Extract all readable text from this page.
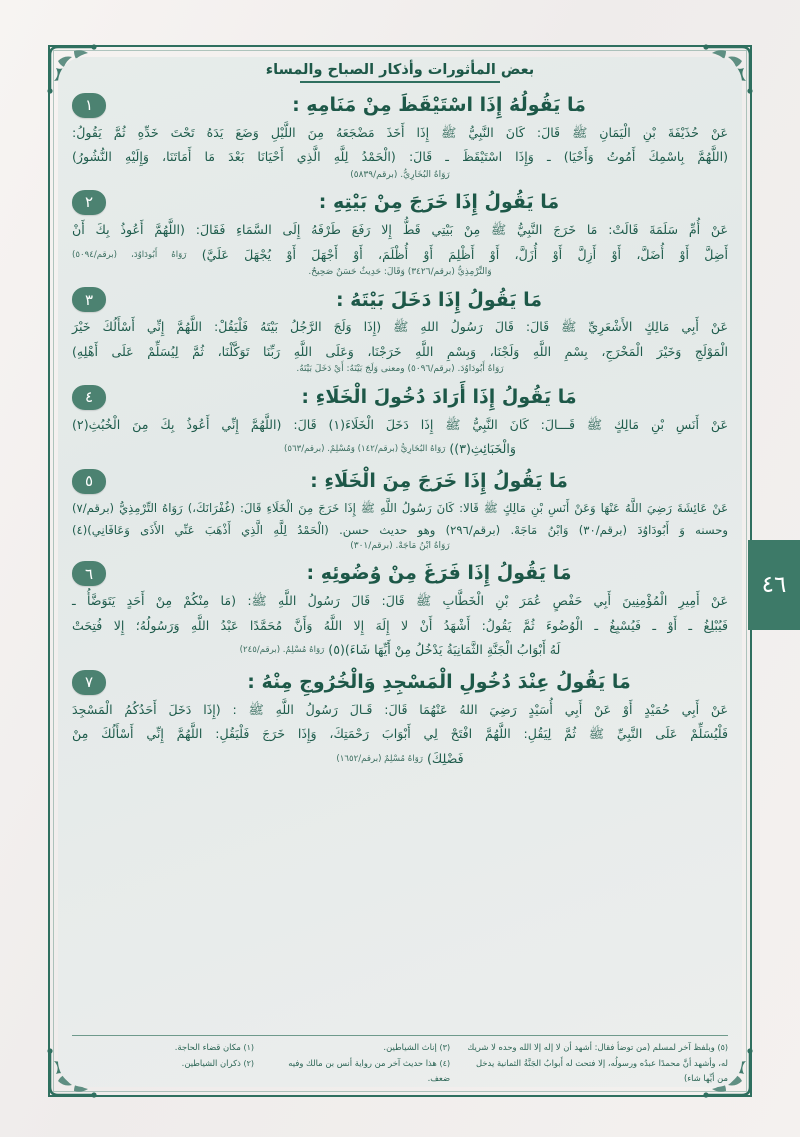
٤٦
بعض المأثورات وأذكار الصباح والمساء
١	مَا يَقُولُهُ إِذَا اسْتَيْقَظَ مِنْ مَنَامِهِ :
عَنْ حُذَيْفَةَ بْنِ الْيَمَانِ ﷺ قَالَ: كَانَ النَّبِيُّ ﷺ إِذَا أَخَذَ مَضْجَعَهُ مِنَ اللَّيْلِ وَضَعَ يَدَهُ تَحْتَ خَدِّهِ ثُمَّ يَقُولُ:
(اللَّهُمَّ بِاسْمِكَ أَمُوتُ وَأَحْيَا) ـ وَإِذَا اسْتَيْقَظَ ـ قَالَ: (الْحَمْدُ لِلَّهِ الَّذِي أَحْيَانَا بَعْدَ مَا أَمَاتَنَا، وَإِلَيْهِ النُّشُورُ)
رَوَاهُ البُخَارِيُّ. (برقم/٥٨٣٩)
٢	مَا يَقُولُ إِذَا خَرَجَ مِنْ بَيْتِهِ :
عَنْ أُمِّ سَلَمَةَ قَالَتْ: مَا خَرَجَ النَّبِيُّ ﷺ مِنْ بَيْتِي قَطُّ إِلا رَفَعَ طَرْفَهُ إِلَى السَّمَاءِ فَقَالَ: (اللَّهُمَّ أَعُوذُ بِكَ أَنْ
أَضِلَّ أَوْ أُضَلَّ، أَوْ أَزِلَّ أَوْ أُزَلَّ، أَوْ أَظْلِمَ أَوْ أُظْلَمَ، أَوْ أَجْهَلَ أَوْ يُجْهَلَ عَلَيَّ) رَوَاهُ أَبُودَاوُدَ، (برقم/٥٠٩٤)
وَالتِّرْمِذِيُّ (برقم/٣٤٢٦) وَقَالَ: حَدِيثٌ حَسَنٌ صَحِيحٌ.
٣	مَا يَقُولُ إِذَا دَخَلَ بَيْتَهُ :
عَنْ أَبِي مَالِكٍ الأَشْعَرِيِّ ﷺ قَالَ: قَالَ رَسُولُ اللهِ ﷺ (إِذَا وَلَجَ الرَّجُلُ بَيْتَهُ فَلْيَقُلْ: اللَّهُمَّ إِنِّي أَسْأَلُكَ خَيْرَ
الْمَوْلَجِ وَخَيْرَ الْمَخْرَجِ، بِسْمِ اللَّهِ وَلَجْنَا، وَبِسْمِ اللَّهِ خَرَجْنَا، وَعَلَى اللَّهِ رَبِّنَا تَوَكَّلْنَا، ثُمَّ لِيُسَلِّمْ عَلَى أَهْلِهِ)
رَوَاهُ أَبُودَاوُدَ. (برقم/٥٠٩٦) ومعنى وَلَجَ بَيْتَهُ: أَيْ دَخَلَ بَيْتَهُ.
٤	مَا يَقُولُ إِذَا أَرَادَ دُخُولَ الْخَلَاءِ :
عَنْ أَنَسِ بْنِ مَالِكٍ ﷺ قَـــالَ: كَانَ النَّبِيُّ ﷺ إِذَا دَخَلَ الْخَلَاءَ(١) قَالَ: (اللَّهُمَّ إِنِّي أَعُوذُ بِكَ مِنَ الْخُبُثِ(٢)
وَالْخَبَائِثِ(٣)) رَوَاهُ البُخَارِيُّ (برقم/١٤٢) وَمُسْلِمٌ. (برقم/٥٦٣)
٥	مَا يَقُولُ إِذَا خَرَجَ مِنَ الْخَلَاءِ :
عَنْ عَائِشَةَ رَضِيَ اللَّهُ عَنْهَا وَعَنْ أَنَسِ بْنِ مَالِكٍ ﷺ قَالا: كَانَ رَسُولُ اللَّهِ ﷺ إِذَا خَرَجَ مِنَ الْخَلَاءِ قَالَ: (غُفْرَانَكَ،) رَوَاهُ التِّرْمِذِيُّ (برقم/٧)
وحسنه وَ أَبُودَاوُدَ (برقم/٣٠) وَابْنُ مَاجَهْ. (برقم/٢٩٦) وهو حديث حسن. (الْحَمْدُ لِلَّهِ الَّذِي أَذْهَبَ عَنِّي الأَذَى وَعَافَانِي)(٤)
رَوَاهُ ابْنُ مَاجَهْ. (برقم/٣٠١)
٦	مَا يَقُولُ إِذَا فَرَغَ مِنْ وُضُوئِهِ :
عَنْ أَمِيرِ الْمُؤْمِنِينَ أَبِي حَفْصٍ عُمَرَ بْنِ الْخَطَّابِ ﷺ قَالَ: قَالَ رَسُولُ اللَّهِ ﷺ: (مَا مِنْكُمْ مِنْ أَحَدٍ يَتَوَضَّأُ ـ
فَيُبْلِغُ ـ أَوْ ـ فَيُسْبِغُ ـ الْوُضُوءَ ثُمَّ يَقُولُ: أَشْهَدُ أَنْ لا إِلَهَ إِلا اللَّهُ وَأَنَّ مُحَمَّدًا عَبْدُ اللَّهِ وَرَسُولُهُ؛ إِلا فُتِحَتْ
لَهُ أَبْوَابُ الْجَنَّةِ الثَّمَانِيَةُ يَدْخُلُ مِنْ أَيِّهَا شَاءَ)(٥) رَوَاهُ مُسْلِمٌ. (برقم/٢٤٥)
٧	مَا يَقُولُ عِنْدَ دُخُولِ الْمَسْجِدِ وَالْخُرُوجِ مِنْهُ :
عَنْ أَبِي حُمَيْدٍ أَوْ عَنْ أَبِي أُسَيْدٍ رَضِيَ اللهُ عَنْهُمَا قَالَ: قَـالَ رَسُولُ اللَّهِ ﷺ : (إِذَا دَخَلَ أَحَدُكُمُ الْمَسْجِدَ
فَلْيُسَلِّمْ عَلَى النَّبِيِّ ﷺ ثُمَّ لِيَقُلِ: اللَّهُمَّ افْتَحْ لِي أَبْوَابَ رَحْمَتِكَ، وَإِذَا خَرَجَ فَلْيَقُلِ: اللَّهُمَّ إِنِّي أَسْأَلُكَ مِنْ
فَضْلِكَ) رَوَاهُ مُسْلِمٌ (برقم/١٦٥٢)
(١) مكان قضاء الحاجة.
(٢) ذكران الشياطين.
(٣) إناث الشياطين.
(٤) هذا حديث آخر من رواية أنس بن مالك وفيه ضعف.
(٥) وبلفظ آخر لمسلم (من توضأ فقال: أشهد أن لا إله إلا الله وحده لا شريك له، وأشهد أنَّ محمدًا عبدُه ورسولُه، إلا فتحت له أَبوابُ الجَنَّةُ الثمانية يدخل من أيِّها شاء)
